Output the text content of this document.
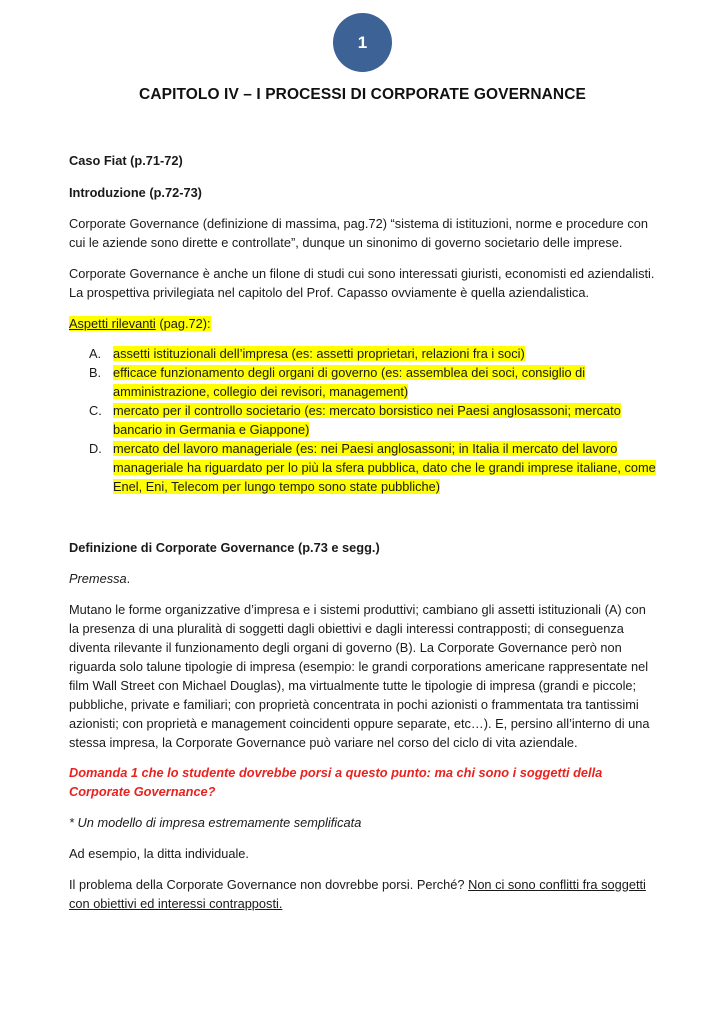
1
CAPITOLO IV – I PROCESSI DI CORPORATE GOVERNANCE

Caso Fiat (p.71-72)

Introduzione (p.72-73)

Corporate Governance (definizione di massima, pag.72) “sistema di istituzioni, norme e procedure con cui le aziende sono dirette e controllate”, dunque un sinonimo di governo societario delle imprese.

Corporate Governance è anche un filone di studi cui sono interessati giuristi, economisti ed aziendalisti. La prospettiva privilegiata nel capitolo del Prof. Capasso ovviamente è quella aziendalistica.

Aspetti rilevanti (pag.72):

A. assetti istituzionali dell’impresa (es: assetti proprietari, relazioni fra i soci)
B. efficace funzionamento degli organi di governo (es: assemblea dei soci, consiglio di amministrazione, collegio dei revisori, management)
C. mercato per il controllo societario (es: mercato borsistico nei Paesi anglosassoni; mercato bancario in Germania e Giappone)
D. mercato del lavoro manageriale (es: nei Paesi anglosassoni; in Italia il mercato del lavoro manageriale ha riguardato per lo più la sfera pubblica, dato che le grandi imprese italiane, come Enel, Eni, Telecom per lungo tempo sono state pubbliche)

Definizione di Corporate Governance (p.73 e segg.)

Premessa.

Mutano le forme organizzative d’impresa e i sistemi produttivi; cambiano gli assetti istituzionali (A) con la presenza di una pluralità di soggetti dagli obiettivi e dagli interessi contrapposti; di conseguenza diventa rilevante il funzionamento degli organi di governo (B). La Corporate Governance però non riguarda solo talune tipologie di impresa (esempio: le grandi corporations americane rappresentate nel film Wall Street con Michael Douglas), ma virtualmente tutte le tipologie di impresa (grandi e piccole; pubbliche, private e familiari; con proprietà concentrata in pochi azionisti o frammentata tra tantissimi azionisti; con proprietà e management coincidenti oppure separate, etc…). E, persino all’interno di una stessa impresa, la Corporate Governance può variare nel corso del ciclo di vita aziendale.

Domanda 1 che lo studente dovrebbe porsi a questo punto: ma chi sono i soggetti della Corporate Governance?

* Un modello di impresa estremamente semplificata

Ad esempio, la ditta individuale.

Il problema della Corporate Governance non dovrebbe porsi. Perché? Non ci sono conflitti fra soggetti con obiettivi ed interessi contrapposti.
